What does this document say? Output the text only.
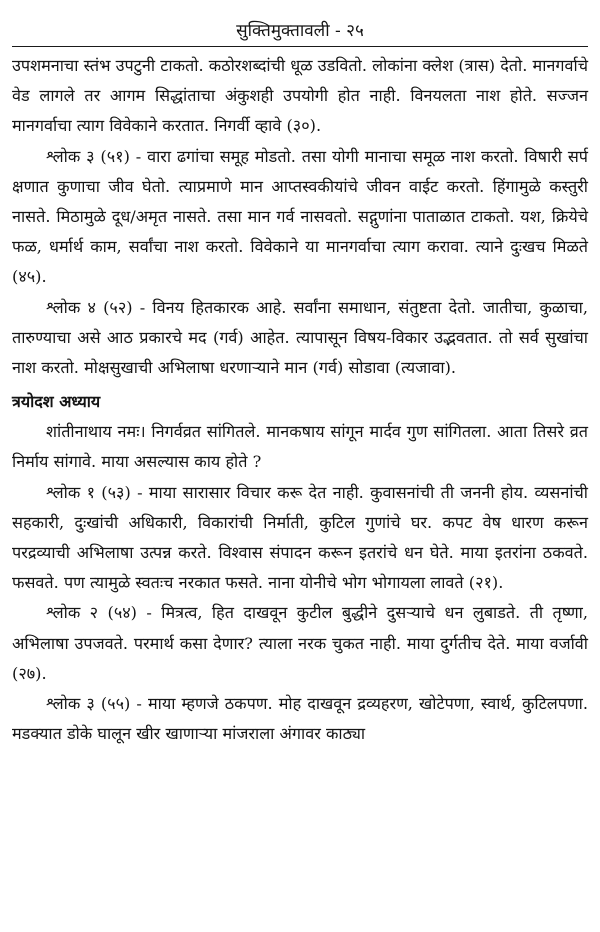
सुक्तिमुक्तावली - २५

उपशमनाचा स्तंभ उपटुनी टाकतो. कठोरशब्दांची धूळ उडवितो. लोकांना क्लेश (त्रास) देतो. मानगर्वाचे वेड लागले तर आगम सिद्धांताचा अंकुशही उपयोगी होत नाही. विनयलता नाश होते. सज्जन मानगर्वाचा त्याग विवेकाने करतात. निगर्वी व्हावे (३०).

श्लोक ३ (५१) - वारा ढगांचा समूह मोडतो. तसा योगी मानाचा समूळ नाश करतो. विषारी सर्प क्षणात कुणाचा जीव घेतो. त्याप्रमाणे मान आप्तस्वकीयांचे जीवन वाईट करतो. हिंगामुळे कस्तुरी नासते. मिठामुळे दूध/अमृत नासते. तसा मान गर्व नासवतो. सद्गुणांना पाताळात टाकतो. यश, क्रियेचे फळ, धर्मार्थ काम, सर्वांचा नाश करतो. विवेकाने या मानगर्वाचा त्याग करावा. त्याने दुःखच मिळते (४५).

श्लोक ४ (५२) - विनय हितकारक आहे. सर्वांना समाधान, संतुष्टता देतो. जातीचा, कुळाचा, तारुण्याचा असे आठ प्रकारचे मद (गर्व) आहेत. त्यापासून विषय-विकार उद्भवतात. तो सर्व सुखांचा नाश करतो. मोक्षसुखाची अभिलाषा धरणाऱ्याने मान (गर्व) सोडावा (त्यजावा).

त्रयोदश अध्याय

शांतीनाथाय नमः। निगर्वव्रत सांगितले. मानकषाय सांगून मार्दव गुण सांगितला. आता तिसरे व्रत निर्माय सांगावे. माया असल्यास काय होते ?

श्लोक १ (५३) - माया सारासार विचार करू देत नाही. कुवासनांची ती जननी होय. व्यसनांची सहकारी, दुःखांची अधिकारी, विकारांची निर्माती, कुटिल गुणांचे घर. कपट वेष धारण करून परद्रव्याची अभिलाषा उत्पन्न करते. विश्वास संपादन करून इतरांचे धन घेते. माया इतरांना ठकवते. फसवते. पण त्यामुळे स्वतःच नरकात फसते. नाना योनीचे भोग भोगायला लावते (२१).

श्लोक २ (५४) - मित्रत्व, हित दाखवून कुटील बुद्धीने दुसऱ्याचे धन लुबाडते. ती तृष्णा, अभिलाषा उपजवते. परमार्थ कसा देणार? त्याला नरक चुकत नाही. माया दुर्गतीच देते. माया वर्जावी (२७).

श्लोक ३ (५५) - माया म्हणजे ठकपण. मोह दाखवून द्रव्यहरण, खोटेपणा, स्वार्थ, कुटिलपणा. मडक्यात डोके घालून खीर खाणाऱ्या मांजराला अंगावर काठ्या
